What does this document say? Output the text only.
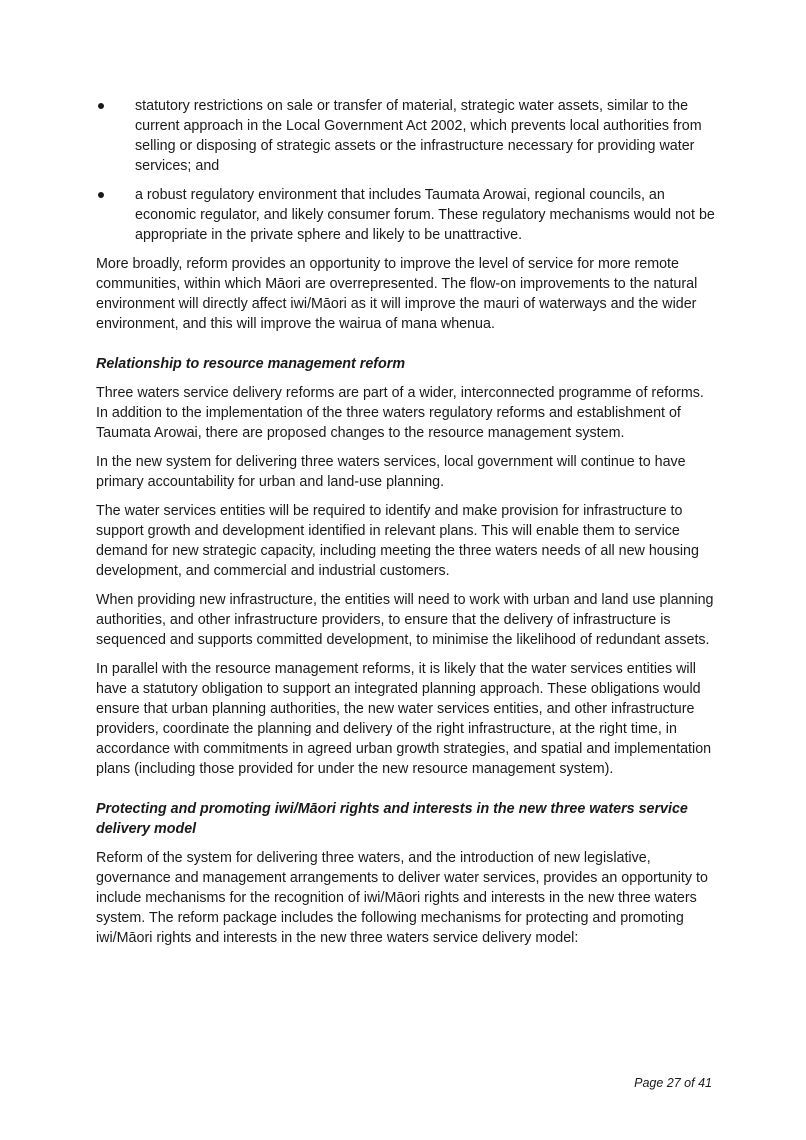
statutory restrictions on sale or transfer of material, strategic water assets, similar to the current approach in the Local Government Act 2002, which prevents local authorities from selling or disposing of strategic assets or the infrastructure necessary for providing water services; and
a robust regulatory environment that includes Taumata Arowai, regional councils, an economic regulator, and likely consumer forum. These regulatory mechanisms would not be appropriate in the private sphere and likely to be unattractive.

More broadly, reform provides an opportunity to improve the level of service for more remote communities, within which Māori are overrepresented. The flow-on improvements to the natural environment will directly affect iwi/Māori as it will improve the mauri of waterways and the wider environment, and this will improve the wairua of mana whenua.

Relationship to resource management reform

Three waters service delivery reforms are part of a wider, interconnected programme of reforms. In addition to the implementation of the three waters regulatory reforms and establishment of Taumata Arowai, there are proposed changes to the resource management system.

In the new system for delivering three waters services, local government will continue to have primary accountability for urban and land-use planning.

The water services entities will be required to identify and make provision for infrastructure to support growth and development identified in relevant plans. This will enable them to service demand for new strategic capacity, including meeting the three waters needs of all new housing development, and commercial and industrial customers.

When providing new infrastructure, the entities will need to work with urban and land use planning authorities, and other infrastructure providers, to ensure that the delivery of infrastructure is sequenced and supports committed development, to minimise the likelihood of redundant assets.

In parallel with the resource management reforms, it is likely that the water services entities will have a statutory obligation to support an integrated planning approach. These obligations would ensure that urban planning authorities, the new water services entities, and other infrastructure providers, coordinate the planning and delivery of the right infrastructure, at the right time, in accordance with commitments in agreed urban growth strategies, and spatial and implementation plans (including those provided for under the new resource management system).

Protecting and promoting iwi/Māori rights and interests in the new three waters service delivery model

Reform of the system for delivering three waters, and the introduction of new legislative, governance and management arrangements to deliver water services, provides an opportunity to include mechanisms for the recognition of iwi/Māori rights and interests in the new three waters system. The reform package includes the following mechanisms for protecting and promoting iwi/Māori rights and interests in the new three waters service delivery model:

Page 27 of 41
